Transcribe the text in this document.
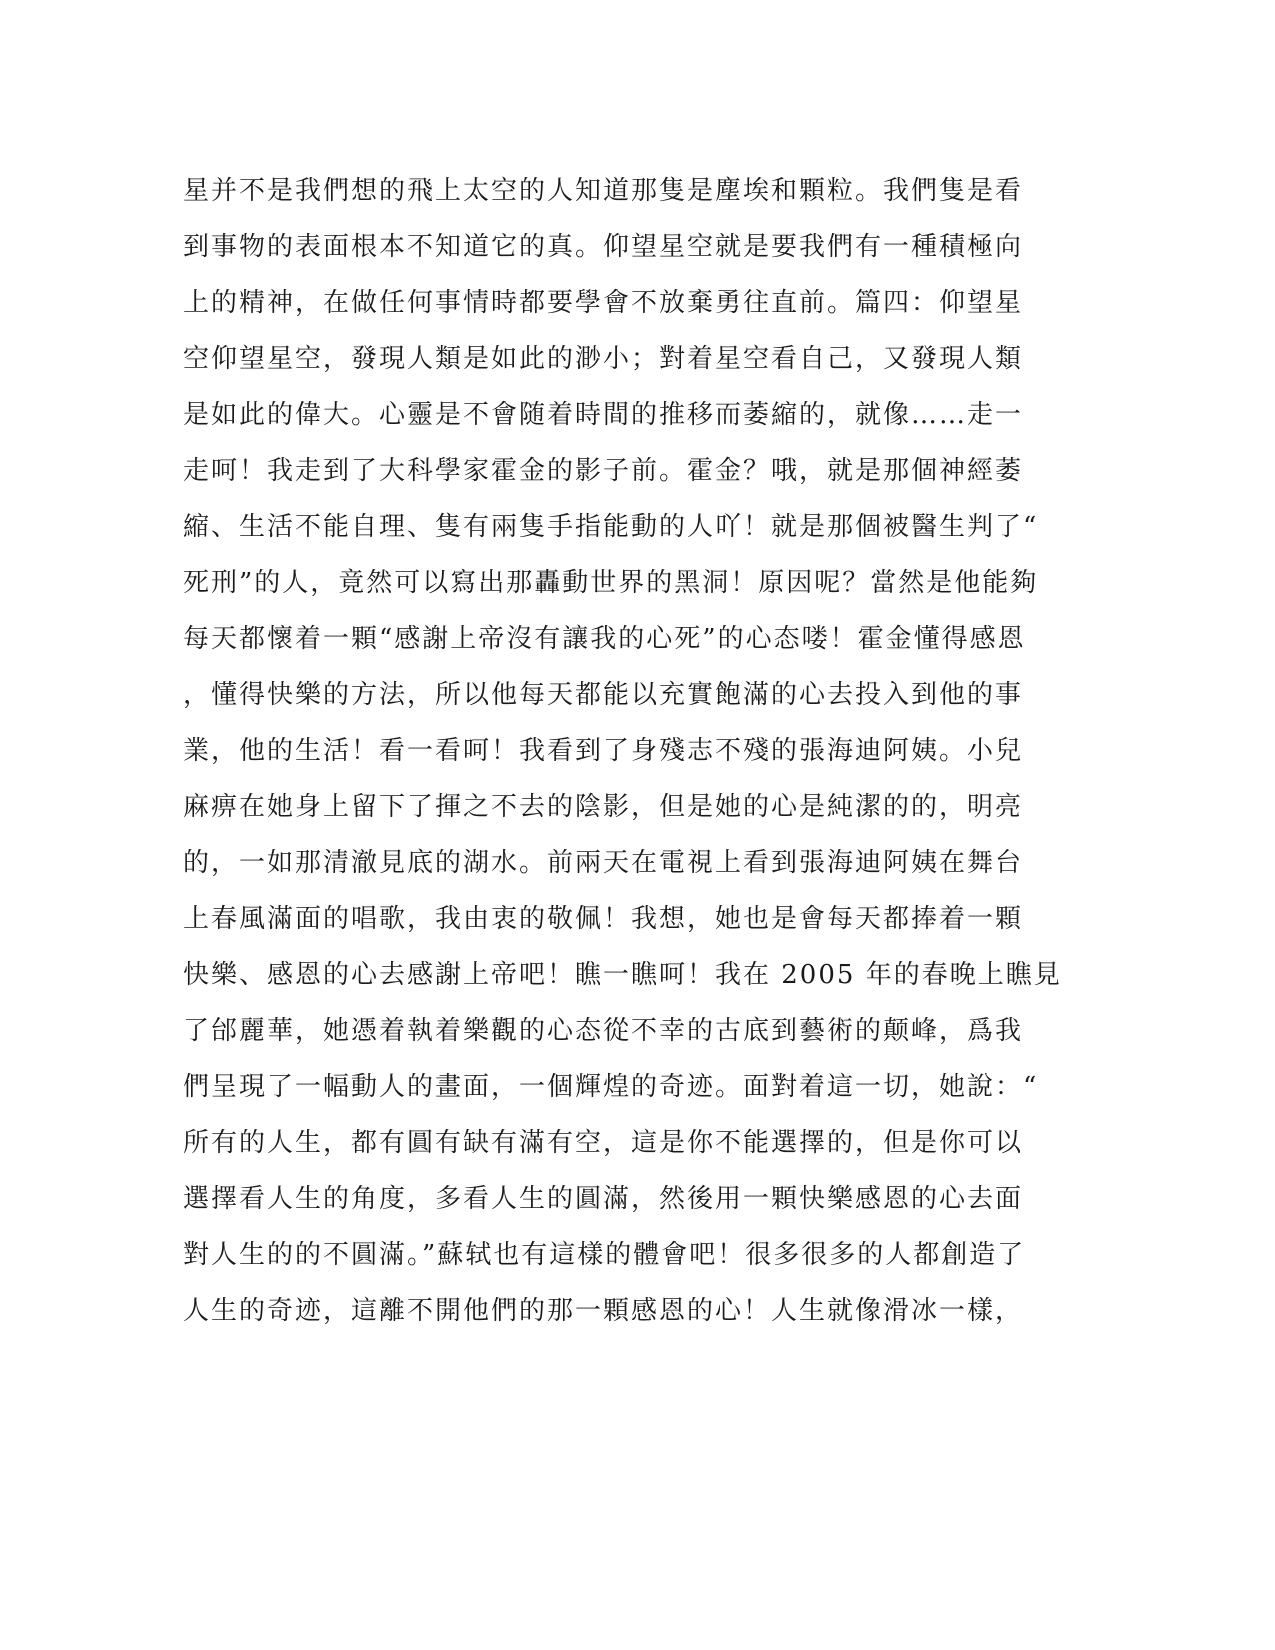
星并不是我們想的飛上太空的人知道那隻是塵埃和顆粒。我們隻是看
到事物的表面根本不知道它的真。仰望星空就是要我們有一種積極向
上的精神，在做任何事情時都要學會不放棄勇往直前。篇四：仰望星
空仰望星空，發現人類是如此的渺小；對着星空看自己，又發現人類
是如此的偉大。心靈是不會随着時間的推移而萎縮的，就像……走一
走呵！我走到了大科學家霍金的影子前。霍金？哦，就是那個神經萎
縮、生活不能自理、隻有兩隻手指能動的人吖！就是那個被醫生判了“
死刑”的人，竟然可以寫出那轟動世界的黑洞！原因呢？當然是他能夠
每天都懷着一顆“感謝上帝沒有讓我的心死”的心态喽！霍金懂得感恩
，懂得快樂的方法，所以他每天都能以充實飽滿的心去投入到他的事
業，他的生活！看一看呵！我看到了身殘志不殘的張海迪阿姨。小兒
麻痹在她身上留下了揮之不去的陰影，但是她的心是純潔的的，明亮
的，一如那清澈見底的湖水。前兩天在電視上看到張海迪阿姨在舞台
上春風滿面的唱歌，我由衷的敬佩！我想，她也是會每天都捧着一顆
快樂、感恩的心去感謝上帝吧！瞧一瞧呵！我在 2005 年的春晚上瞧見
了邰麗華，她憑着執着樂觀的心态從不幸的古底到藝術的颠峰，爲我
們呈現了一幅動人的畫面，一個輝煌的奇迹。面對着這一切，她說：“
所有的人生，都有圓有缺有滿有空，這是你不能選擇的，但是你可以
選擇看人生的角度，多看人生的圓滿，然後用一顆快樂感恩的心去面
對人生的的不圓滿。”蘇轼也有這樣的體會吧！很多很多的人都創造了
人生的奇迹，這離不開他們的那一顆感恩的心！人生就像滑冰一樣，
